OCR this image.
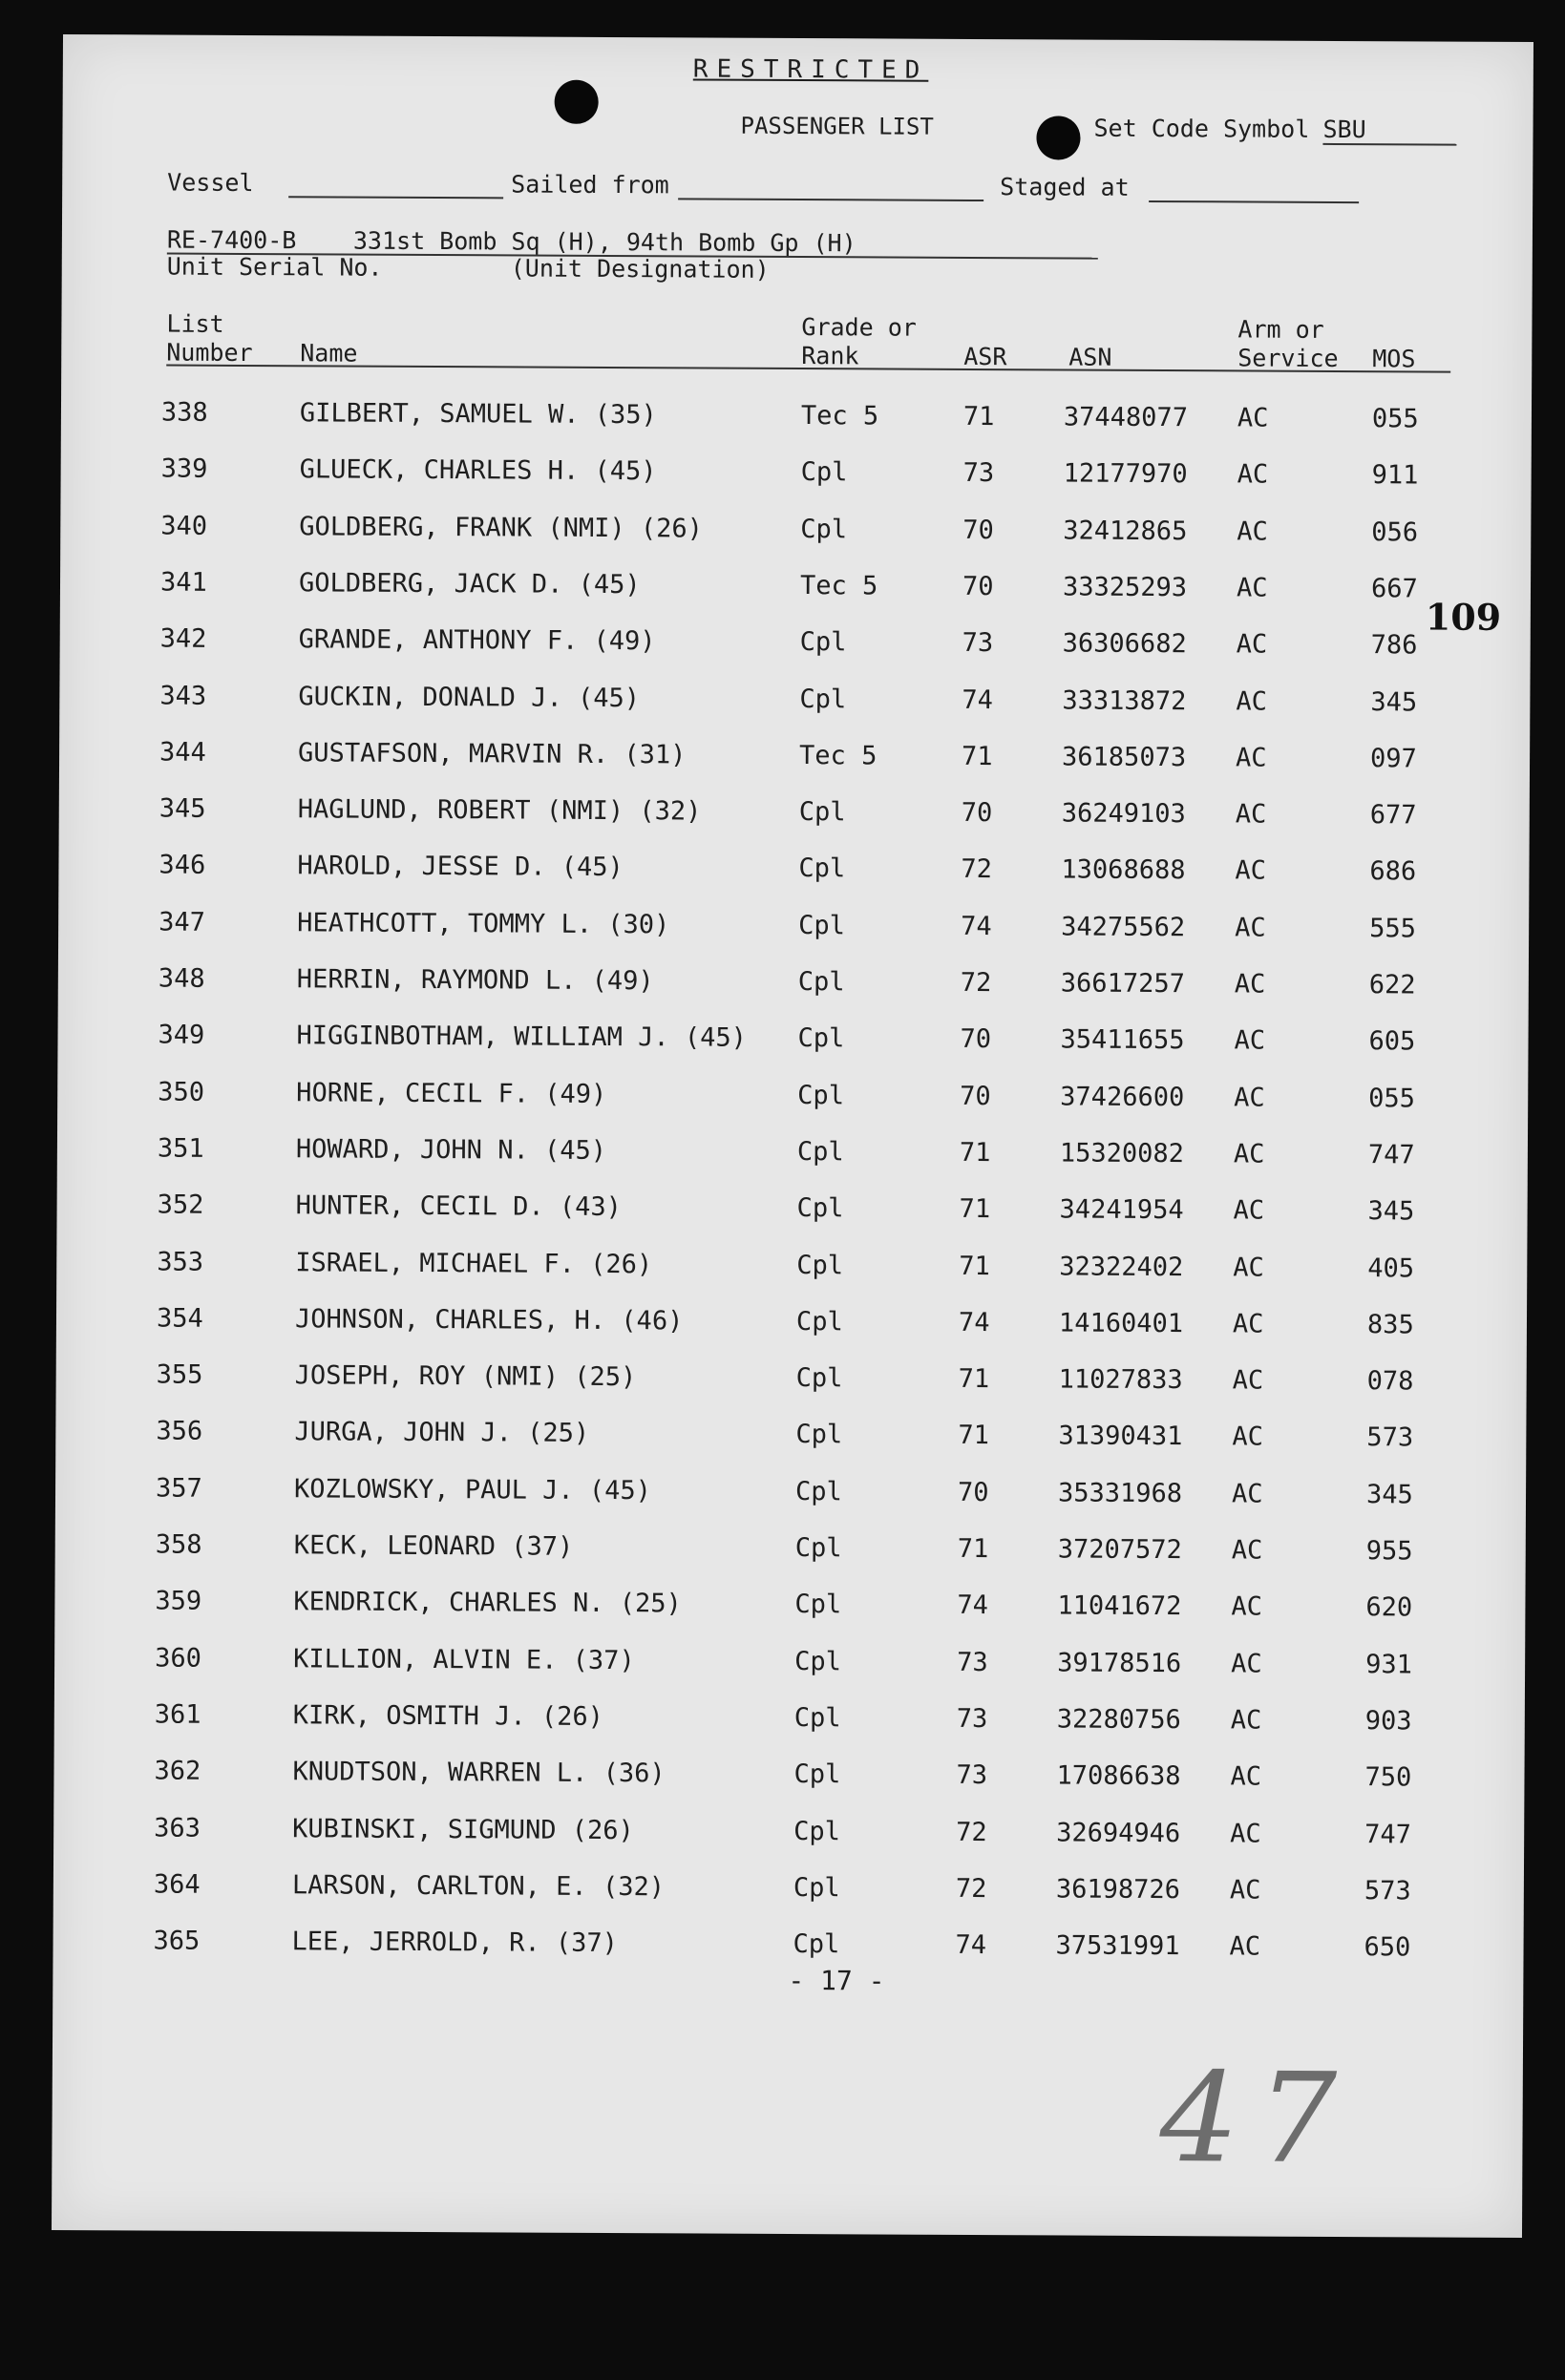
RESTRICTED
PASSENGER LIST	Set Code Symbol SBU
Vessel	Sailed from	Staged at
RE-7400-B 331st Bomb Sq (H), 94th Bomb Gp (H)
Unit Serial No.	(Unit Designation)
List
Number Name
Grade or
Rank	ASR	ASN
Arm or
Service MOS
338	GILBERT, SAMUEL W. (35)	Tec 5	71	37448077 AC	055
339	GLUECK, CHARLES H. (45)	Cpl	73	12177970 AC	911
340	GOLDBERG, FRANK (NMI) (26)	Cpl	70	32412865 AC	056
341	GOLDBERG, JACK D. (45)	Tec 5	70	33325293 AC	667
342	GRANDE, ANTHONY F. (49)	Cpl	73	36306682 AC	786
343	GUCKIN, DONALD J. (45)	Cpl	74	33313872 AC	345
344	GUSTAFSON, MARVIN R. (31)	Tec 5	71	36185073 AC	097
345	HAGLUND, ROBERT (NMI) (32)	Cpl	70	36249103 AC	677
346	HAROLD, JESSE D. (45)	Cpl	72	13068688 AC	686
347	HEATHCOTT, TOMMY L. (30)	Cpl	74	34275562 AC	555
348	HERRIN, RAYMOND L. (49)	Cpl	72	36617257 AC	622
349	HIGGINBOTHAM, WILLIAM J. (45) Cpl	70	35411655 AC	605
350	HORNE, CECIL F. (49)	Cpl	70	37426600 AC	055
351	HOWARD, JOHN N. (45)	Cpl	71	15320082 AC	747
352	HUNTER, CECIL D. (43)	Cpl	71	34241954 AC	345
353	ISRAEL, MICHAEL F. (26)	Cpl	71	32322402 AC	405
354	JOHNSON, CHARLES, H. (46)	Cpl	74	14160401 AC	835
355	JOSEPH, ROY (NMI) (25)	Cpl	71	11027833 AC	078
356	JURGA, JOHN J. (25)	Cpl	71	31390431 AC	573
357	KOZLOWSKY, PAUL J. (45)	Cpl	70	35331968 AC	345
358	KECK, LEONARD (37)	Cpl	71	37207572 AC	955
359	KENDRICK, CHARLES N. (25)	Cpl	74	11041672 AC	620
360	KILLION, ALVIN E. (37)	Cpl	73	39178516 AC	931
361	KIRK, OSMITH J. (26)	Cpl	73	32280756 AC	903
362	KNUDTSON, WARREN L. (36)	Cpl	73	17086638 AC	750
363	KUBINSKI, SIGMUND (26)	Cpl	72	32694946 AC	747
364	LARSON, CARLTON, E. (32)	Cpl	72	36198726 AC	573
365	LEE, JERROLD, R. (37)	Cpl	74	37531991 AC	650
- 17 -
109
47
